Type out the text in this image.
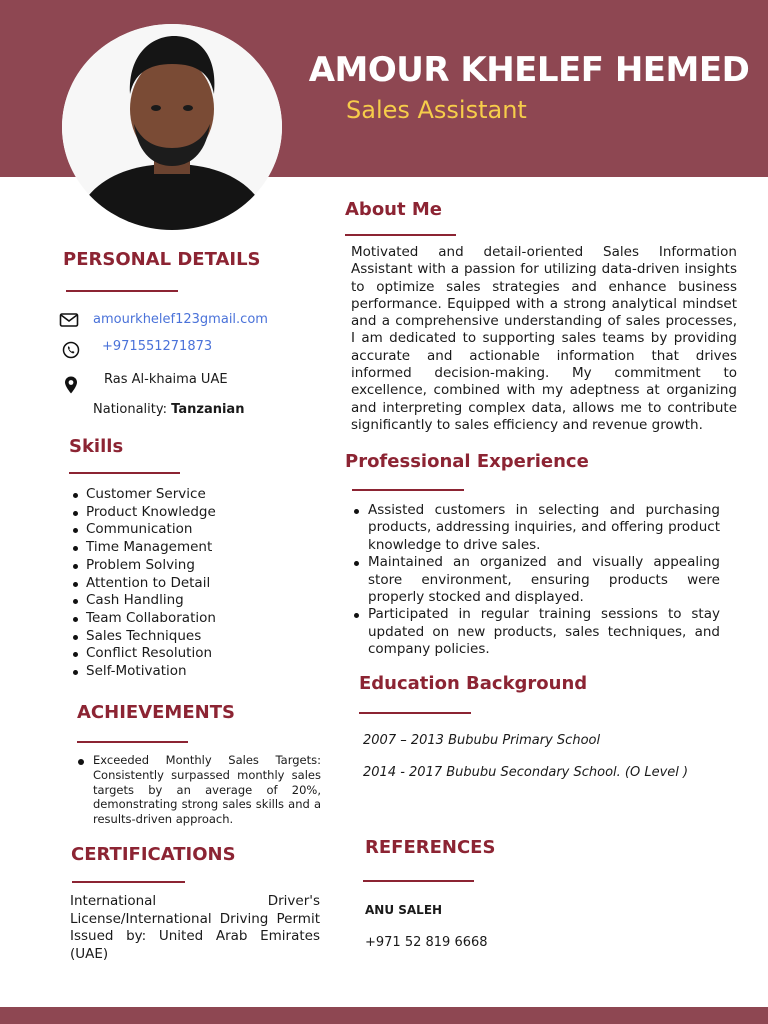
AMOUR KHELEF HEMED
Sales Assistant
PERSONAL DETAILS
amourkhelef123gmail.com
+971551271873
Ras Al-khaima UAE
Nationality: Tanzanian
Skills
Customer Service
Product Knowledge
Communication
Time Management
Problem Solving
Attention to Detail
Cash Handling
Team Collaboration
Sales Techniques
Conflict Resolution
Self-Motivation
ACHIEVEMENTS
Exceeded Monthly Sales Targets: Consistently surpassed monthly sales targets by an average of 20%, demonstrating strong sales skills and a results-driven approach.
CERTIFICATIONS
International Driver's License/International Driving Permit Issued by: United Arab Emirates (UAE)
About Me
Motivated and detail-oriented Sales Information Assistant with a passion for utilizing data-driven insights to optimize sales strategies and enhance business performance. Equipped with a strong analytical mindset and a comprehensive understanding of sales processes, I am dedicated to supporting sales teams by providing accurate and actionable information that drives informed decision-making. My commitment to excellence, combined with my adeptness at organizing and interpreting complex data, allows me to contribute significantly to sales efficiency and revenue growth.
Professional Experience
Assisted customers in selecting and purchasing products, addressing inquiries, and offering product knowledge to drive sales.
Maintained an organized and visually appealing store environment, ensuring products were properly stocked and displayed.
Participated in regular training sessions to stay updated on new products, sales techniques, and company policies.
Education Background
2007 – 2013 Bububu Primary School
2014 - 2017 Bububu Secondary School. (O Level )
REFERENCES
ANU SALEH
+971 52 819 6668
